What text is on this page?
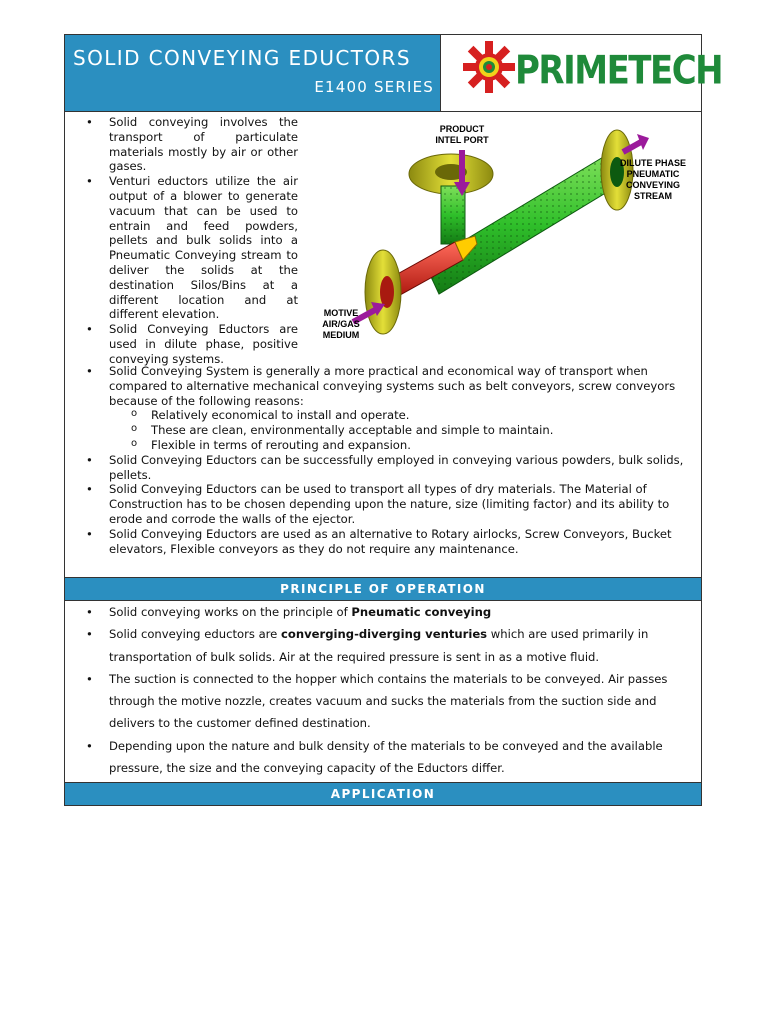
SOLID CONVEYING EDUCTORS
E1400 SERIES PRIMETECH
• Solid conveying involves the transport of particulate materials mostly by air or other gases.
• Venturi eductors utilize the air output of a blower to generate vacuum that can be used to entrain and feed powders, pellets and bulk solids into a Pneumatic Conveying stream to deliver the solids at the destination Silos/Bins at a different location and at different elevation.
• Solid Conveying Eductors are used in dilute phase, positive conveying systems.
PRODUCT
INTEL PORT
DILUTE PHASE
PNEUMATIC
CONVEYING
STREAM
MOTIVE
AIR/GAS
MEDIUM
• Solid Conveying System is generally a more practical and economical way of transport when compared to alternative mechanical conveying systems such as belt conveyors, screw conveyors because of the following reasons:
o Relatively economical to install and operate.
o These are clean, environmentally acceptable and simple to maintain.
o Flexible in terms of rerouting and expansion.
• Solid Conveying Eductors can be successfully employed in conveying various powders, bulk solids, pellets.
• Solid Conveying Eductors can be used to transport all types of dry materials. The Material of Construction has to be chosen depending upon the nature, size (limiting factor) and its ability to erode and corrode the walls of the ejector.
• Solid Conveying Eductors are used as an alternative to Rotary airlocks, Screw Conveyors, Bucket elevators, Flexible conveyors as they do not require any maintenance.
PRINCIPLE OF OPERATION
• Solid conveying works on the principle of Pneumatic conveying
• Solid conveying eductors are converging-diverging venturies which are used primarily in transportation of bulk solids. Air at the required pressure is sent in as a motive fluid.
• The suction is connected to the hopper which contains the materials to be conveyed. Air passes through the motive nozzle, creates vacuum and sucks the materials from the suction side and delivers to the customer defined destination.
• Depending upon the nature and bulk density of the materials to be conveyed and the available pressure, the size and the conveying capacity of the Eductors differ.
APPLICATION
